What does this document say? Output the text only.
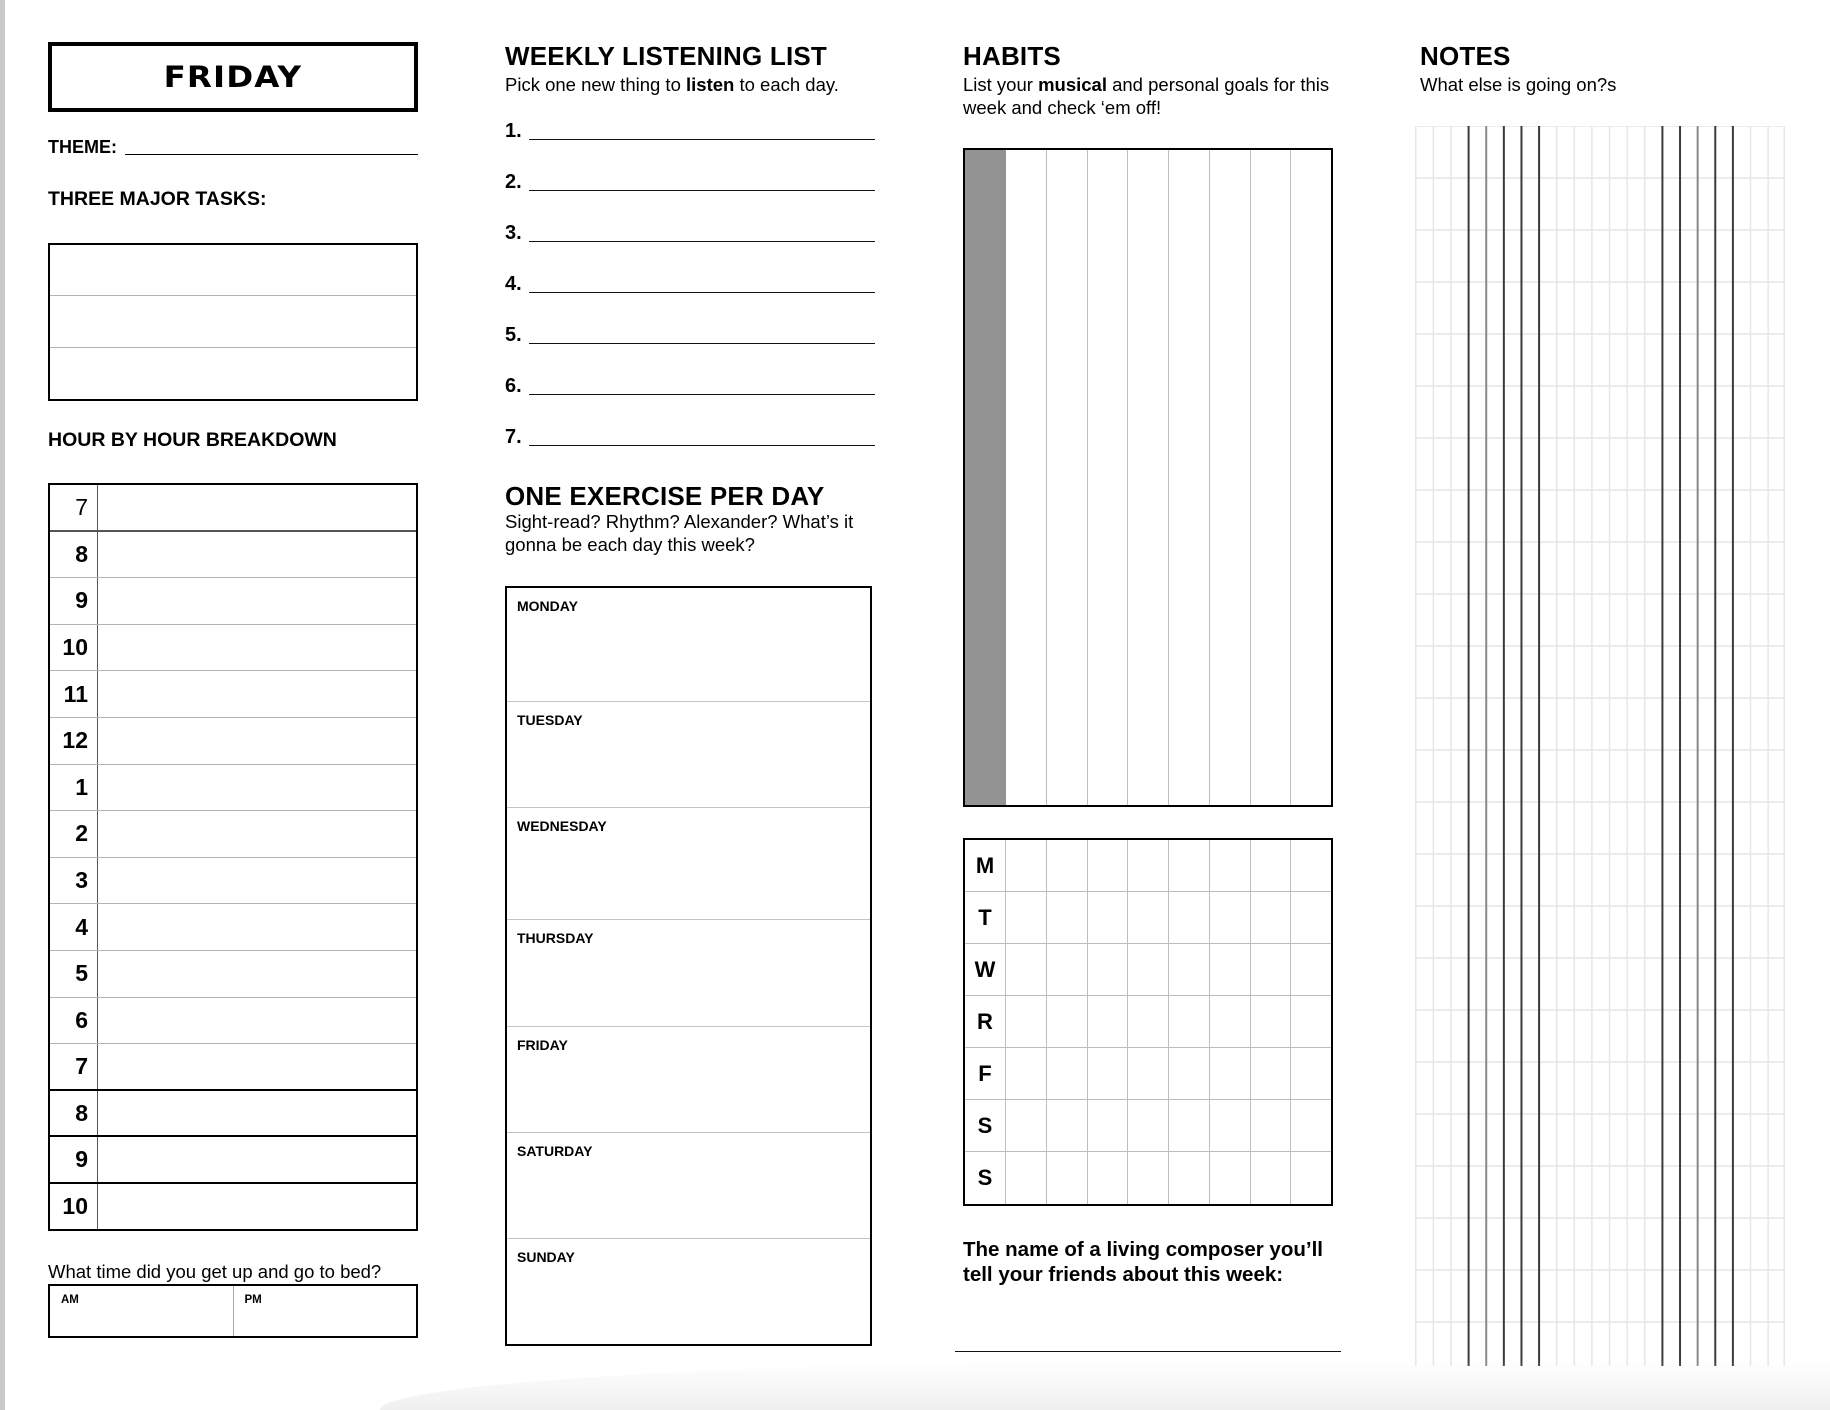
FRIDAY
THEME:
THREE MAJOR TASKS:
HOUR BY HOUR BREAKDOWN
7
8
9
10
11
12
1
2
3
4
5
6
7
8
9
10
What time did you get up and go to bed?
AM	PM
WEEKLY LISTENING LIST
Pick one new thing to listen to each day.
1.
2.
3.
4.
5.
6.
7.
ONE EXERCISE PER DAY
Sight-read? Rhythm? Alexander? What’s it gonna be each day this week?
MONDAY
TUESDAY
WEDNESDAY
THURSDAY
FRIDAY
SATURDAY
SUNDAY
HABITS
List your musical and personal goals for this week and check ‘em off!
M
T
W
R
F
S
S
The name of a living composer you’ll tell your friends about this week:
NOTES
What else is going on?s
